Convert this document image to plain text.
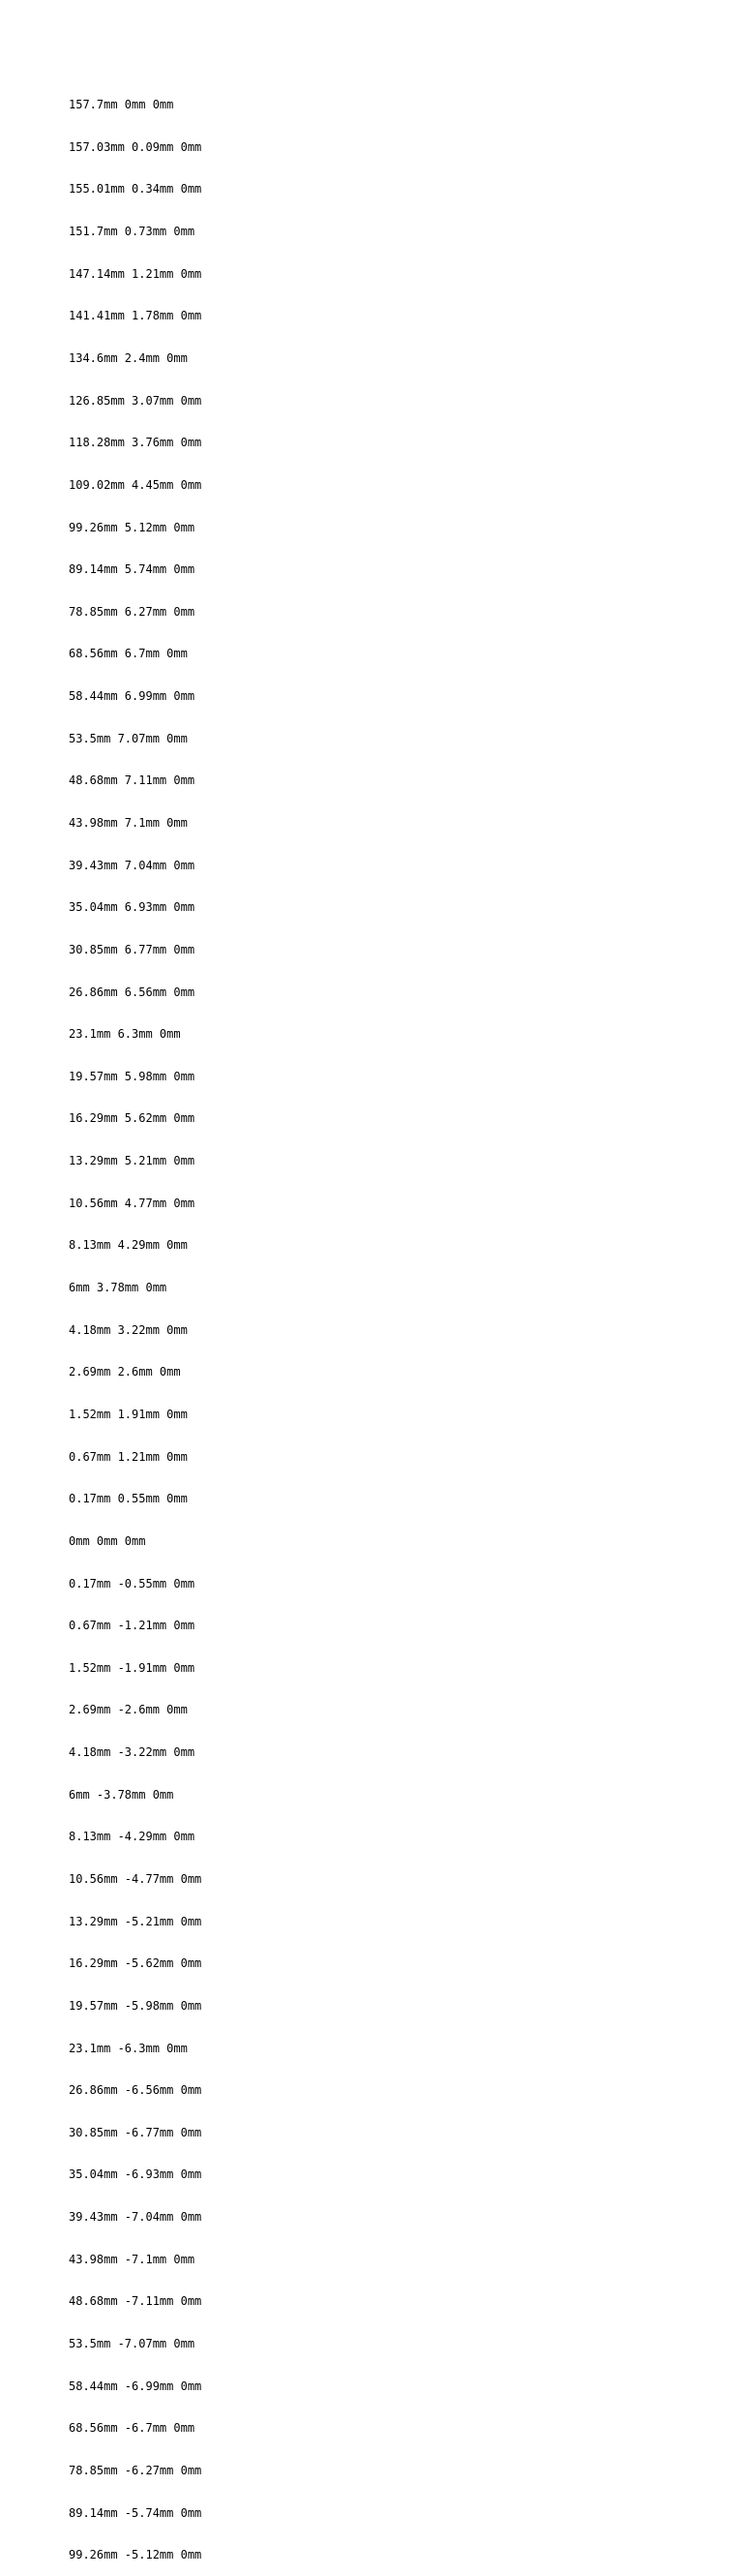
157.7mm 0mm 0mm

157.03mm 0.09mm 0mm

155.01mm 0.34mm 0mm

151.7mm 0.73mm 0mm

147.14mm 1.21mm 0mm

141.41mm 1.78mm 0mm

134.6mm 2.4mm 0mm

126.85mm 3.07mm 0mm

118.28mm 3.76mm 0mm

109.02mm 4.45mm 0mm

99.26mm 5.12mm 0mm

89.14mm 5.74mm 0mm

78.85mm 6.27mm 0mm

68.56mm 6.7mm 0mm

58.44mm 6.99mm 0mm

53.5mm 7.07mm 0mm

48.68mm 7.11mm 0mm

43.98mm 7.1mm 0mm

39.43mm 7.04mm 0mm

35.04mm 6.93mm 0mm

30.85mm 6.77mm 0mm

26.86mm 6.56mm 0mm

23.1mm 6.3mm 0mm

19.57mm 5.98mm 0mm

16.29mm 5.62mm 0mm

13.29mm 5.21mm 0mm

10.56mm 4.77mm 0mm

8.13mm 4.29mm 0mm

6mm 3.78mm 0mm

4.18mm 3.22mm 0mm

2.69mm 2.6mm 0mm

1.52mm 1.91mm 0mm

0.67mm 1.21mm 0mm

0.17mm 0.55mm 0mm

0mm 0mm 0mm

0.17mm -0.55mm 0mm

0.67mm -1.21mm 0mm

1.52mm -1.91mm 0mm

2.69mm -2.6mm 0mm

4.18mm -3.22mm 0mm

6mm -3.78mm 0mm

8.13mm -4.29mm 0mm

10.56mm -4.77mm 0mm

13.29mm -5.21mm 0mm

16.29mm -5.62mm 0mm

19.57mm -5.98mm 0mm

23.1mm -6.3mm 0mm

26.86mm -6.56mm 0mm

30.85mm -6.77mm 0mm

35.04mm -6.93mm 0mm

39.43mm -7.04mm 0mm

43.98mm -7.1mm 0mm

48.68mm -7.11mm 0mm

53.5mm -7.07mm 0mm

58.44mm -6.99mm 0mm

68.56mm -6.7mm 0mm

78.85mm -6.27mm 0mm

89.14mm -5.74mm 0mm

99.26mm -5.12mm 0mm
